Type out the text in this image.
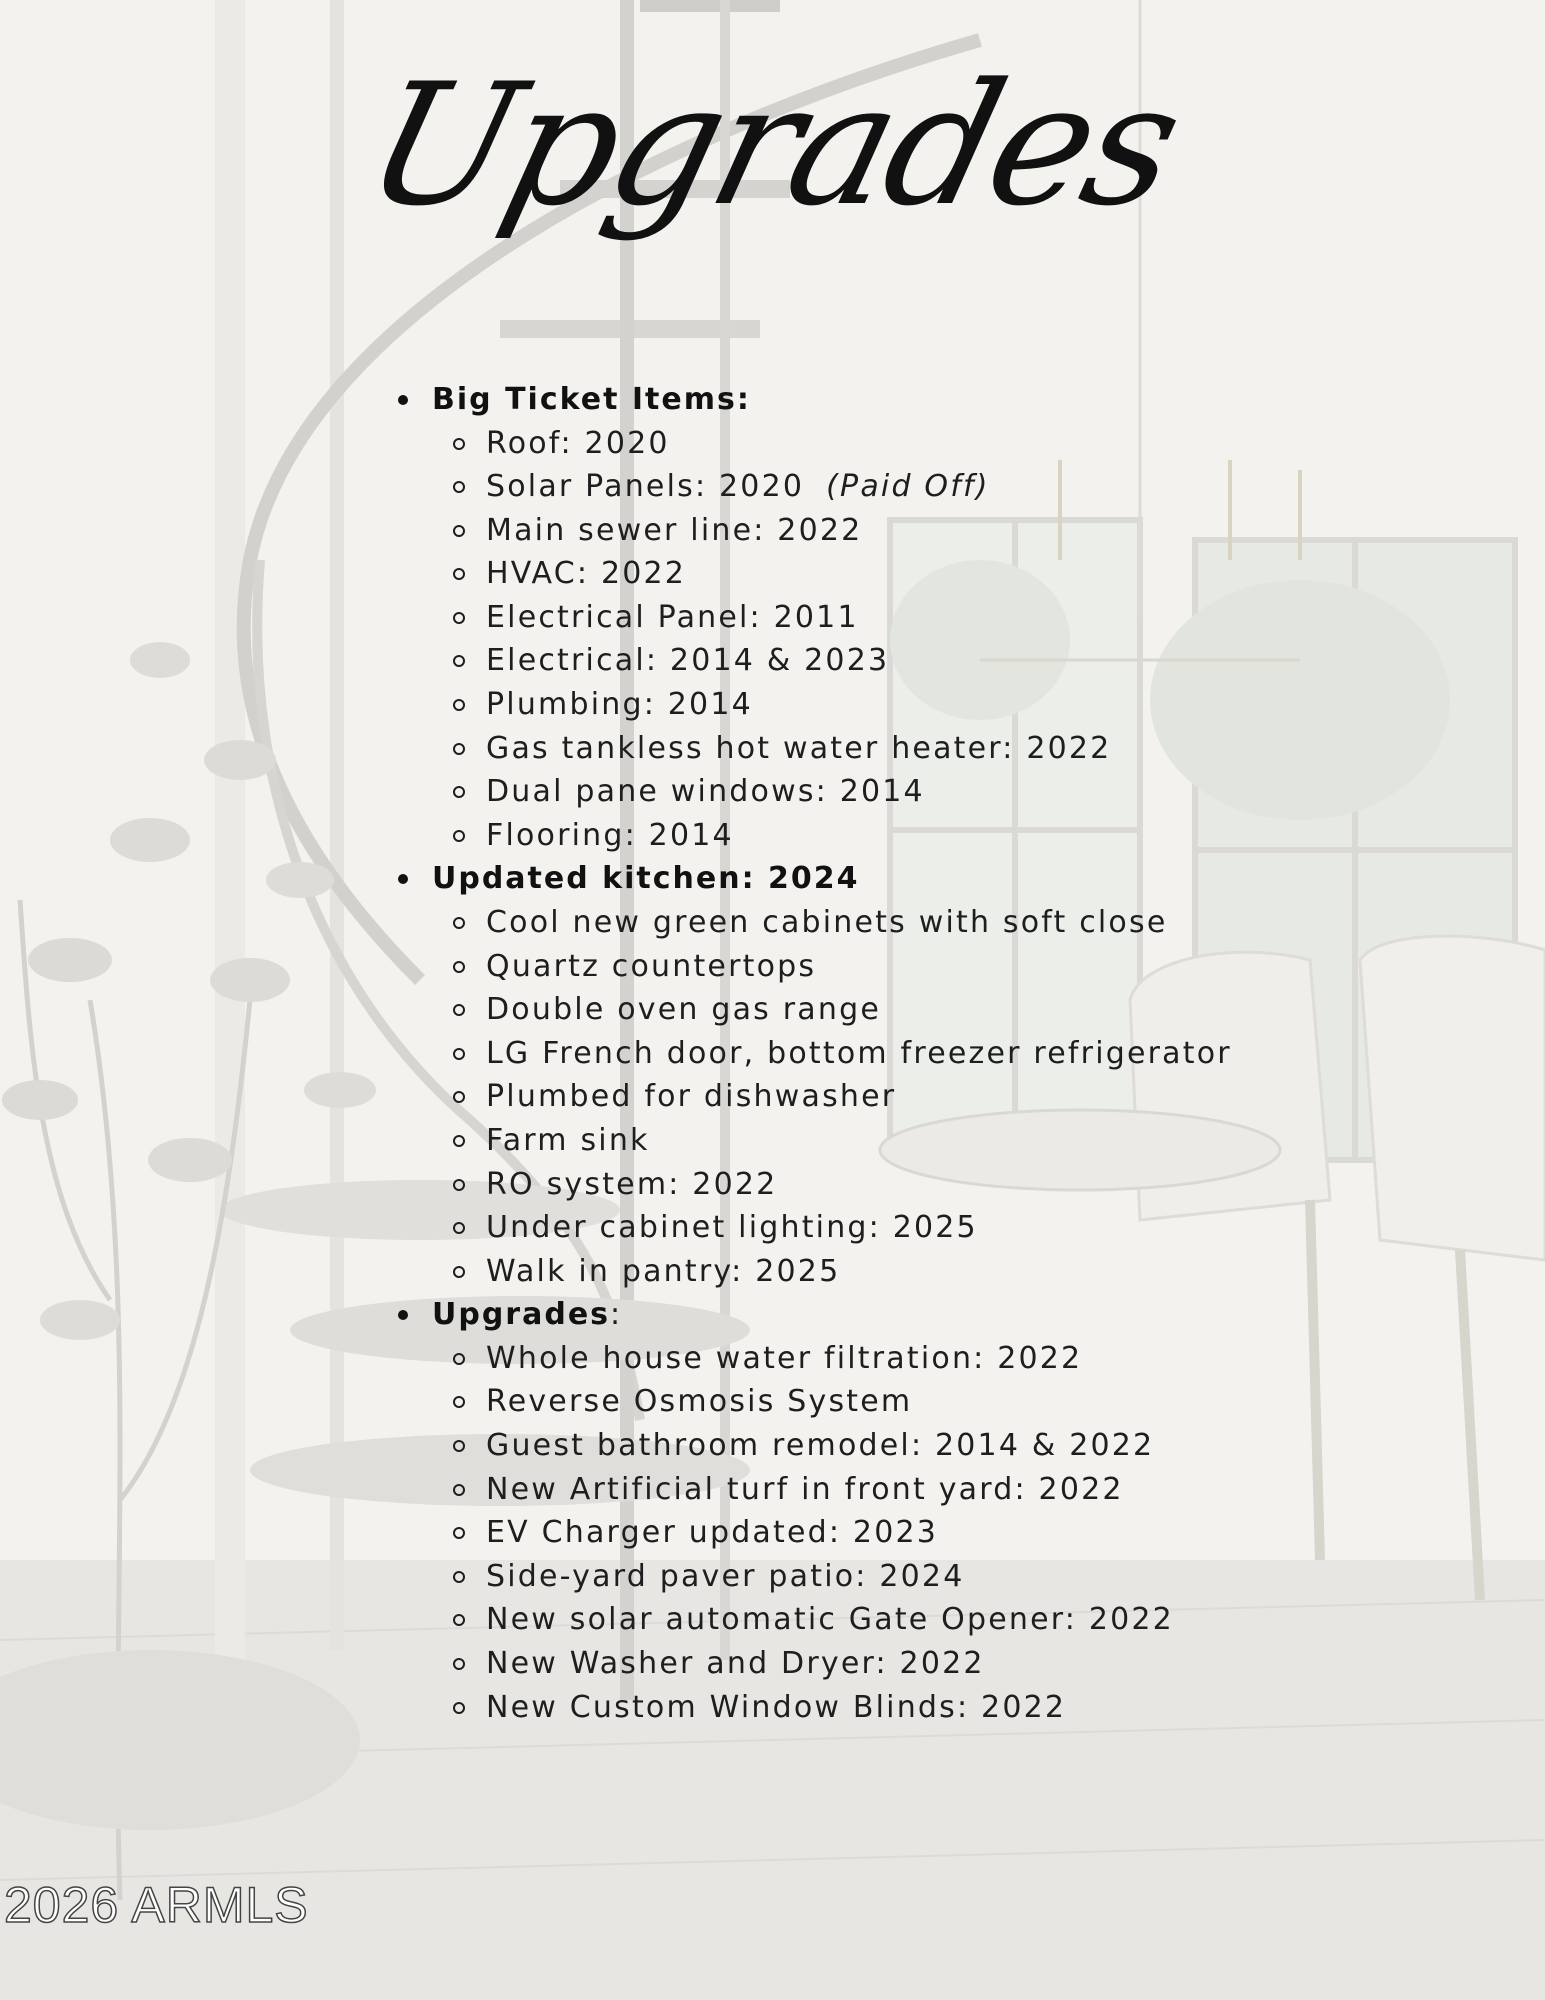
Upgrades
Big Ticket Items:
Roof: 2020
Solar Panels: 2020 (Paid Off)
Main sewer line: 2022
HVAC: 2022
Electrical Panel: 2011
Electrical: 2014 & 2023
Plumbing: 2014
Gas tankless hot water heater: 2022
Dual pane windows: 2014
Flooring: 2014
Updated kitchen: 2024
Cool new green cabinets with soft close
Quartz countertops
Double oven gas range
LG French door, bottom freezer refrigerator
Plumbed for dishwasher
Farm sink
RO system: 2022
Under cabinet lighting: 2025
Walk in pantry: 2025
Upgrades:
Whole house water filtration: 2022
Reverse Osmosis System
Guest bathroom remodel: 2014 & 2022
New Artificial turf in front yard: 2022
EV Charger updated: 2023
Side-yard paver patio: 2024
New solar automatic Gate Opener: 2022
New Washer and Dryer: 2022
New Custom Window Blinds: 2022
2026 ARMLS
